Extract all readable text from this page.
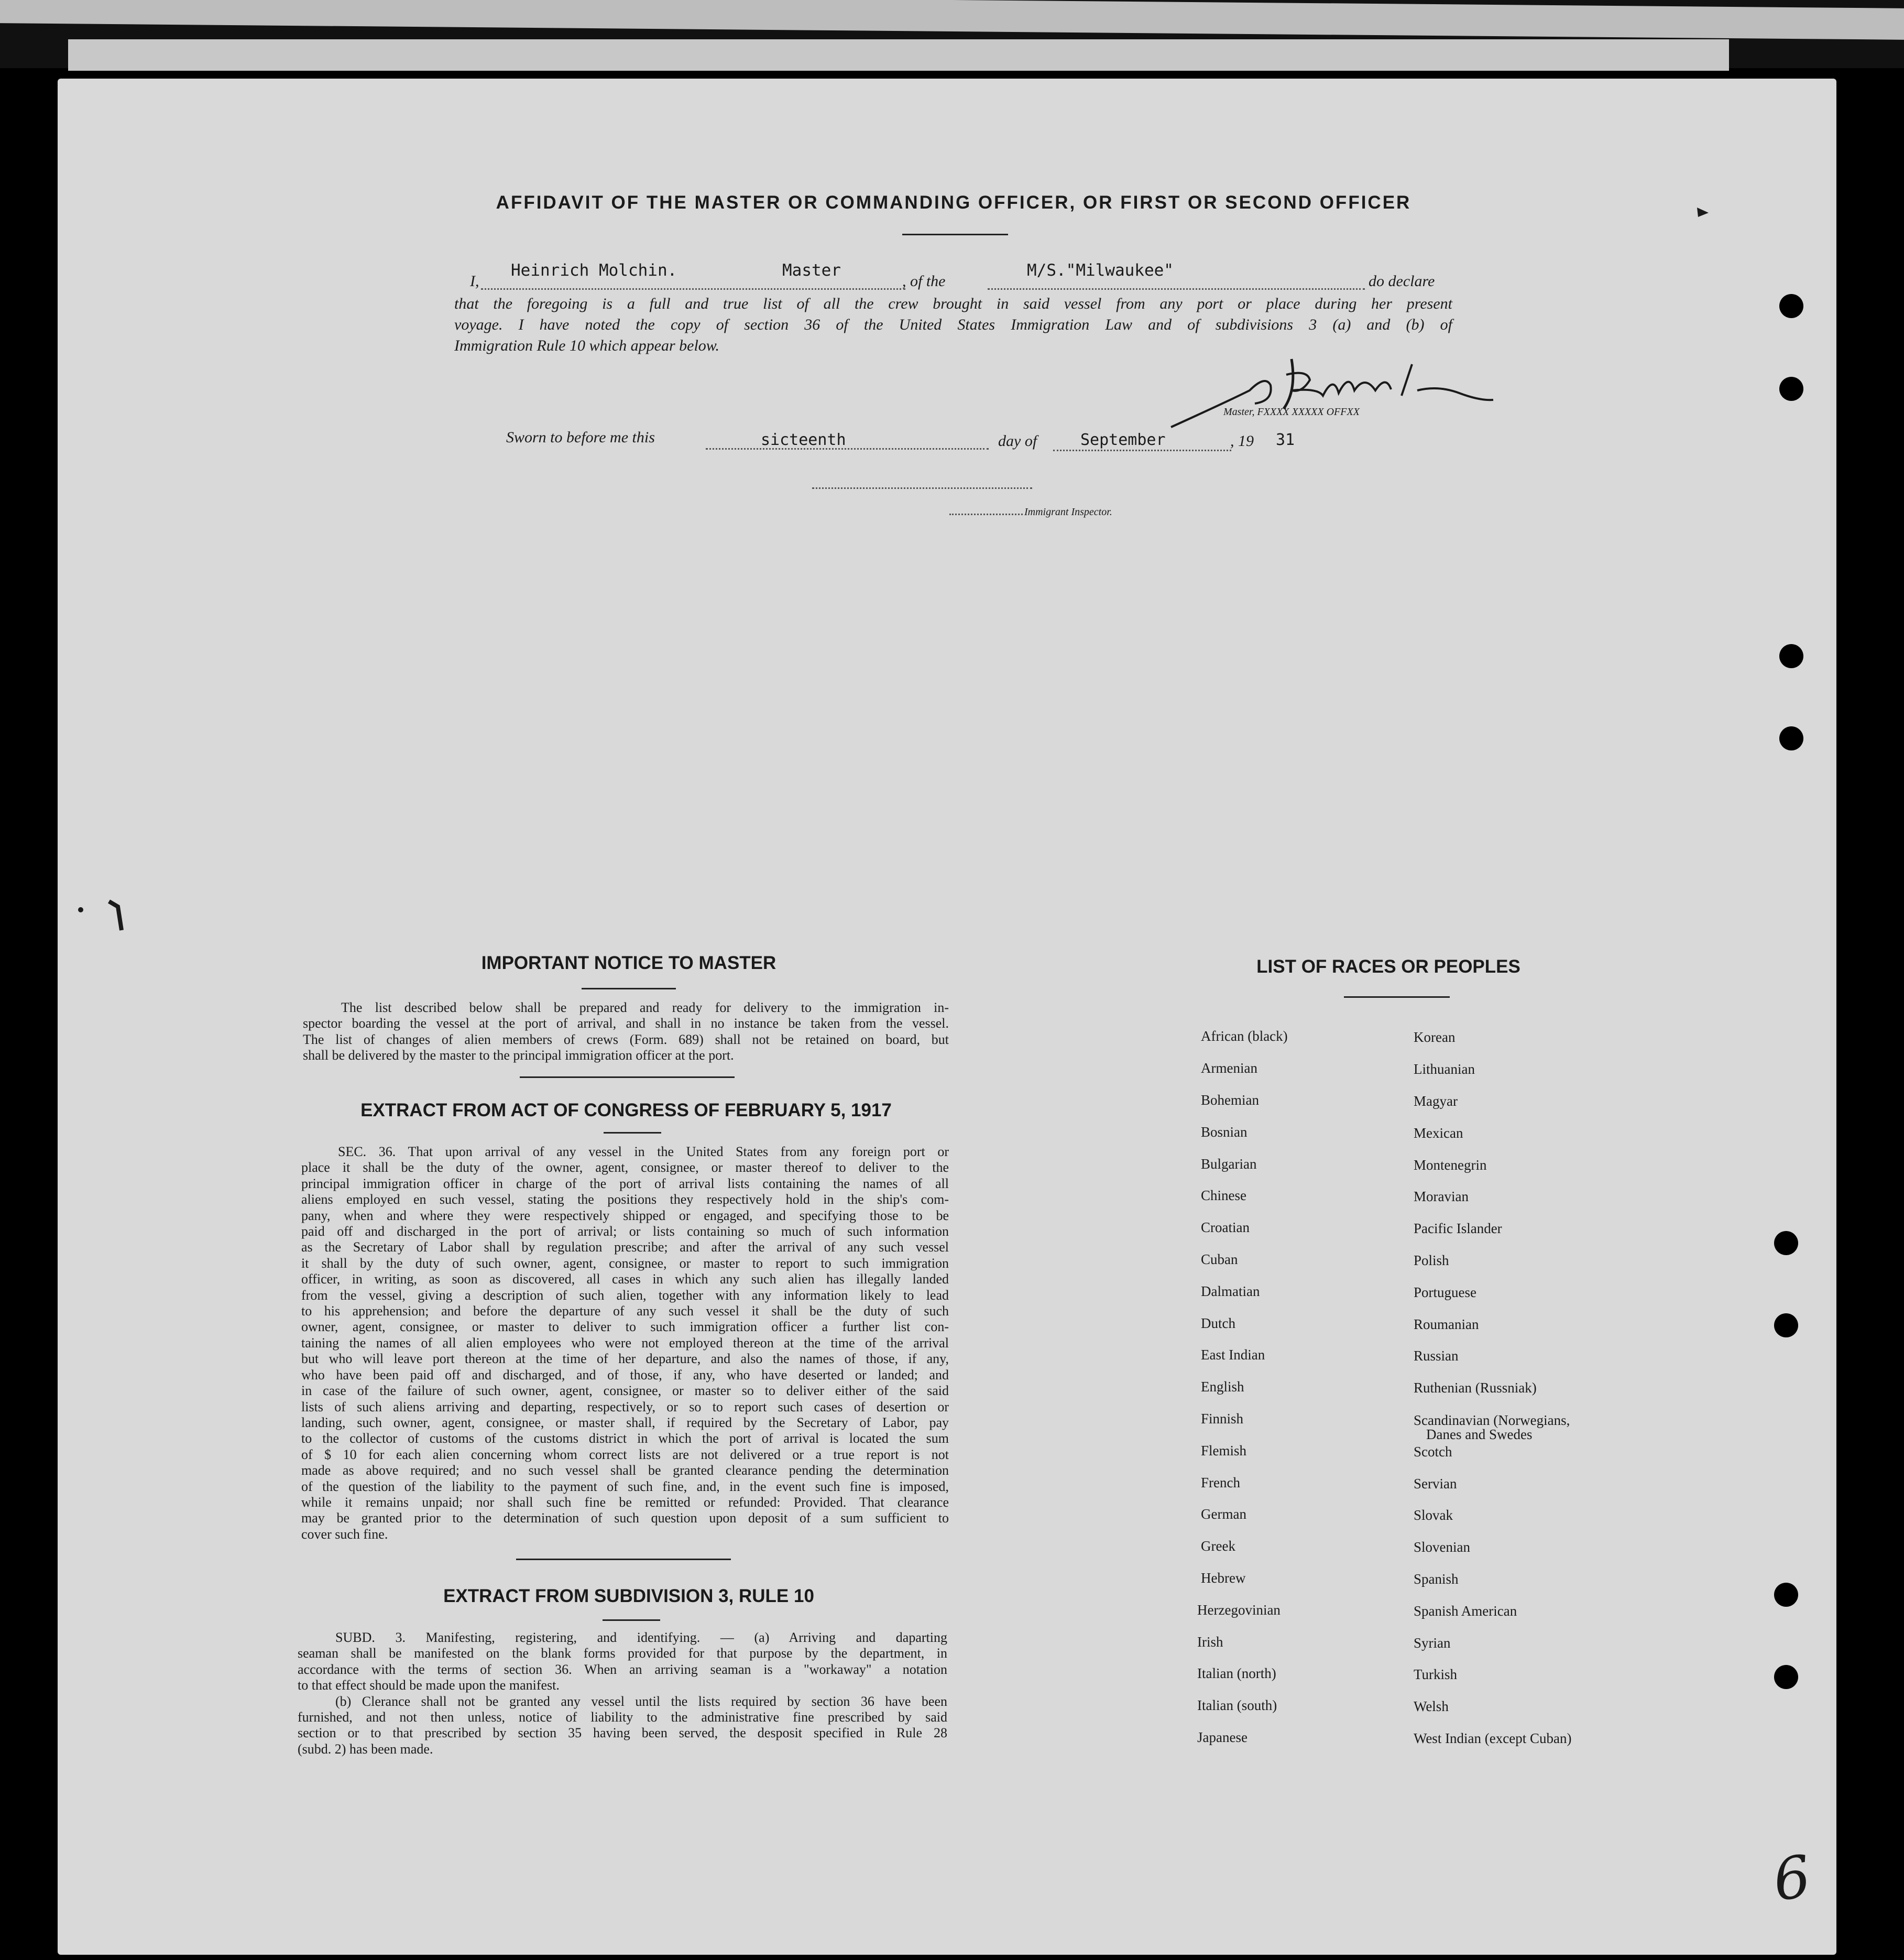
AFFIDAVIT OF THE MASTER OR COMMANDING OFFICER, OR FIRST OR SECOND OFFICER
I,
Heinrich Molchin.	Master
, of the
M/S."Milwaukee"
do declare
that the foregoing is a full and true list of all the crew brought in said vessel from any port or place during her present
voyage. I have noted the copy of section 36 of the United States Immigration Law and of subdivisions 3 (a) and (b) of
Immigration Rule 10 which appear below.
Master, FXXXX XXXXX OFFXX
Sworn to before me this	sicteenth	day of	September	, 19 31
Immigrant Inspector.
IMPORTANT NOTICE TO MASTER
The list described below shall be prepared and ready for delivery to the immigration in-
spector boarding the vessel at the port of arrival, and shall in no instance be taken from the vessel.
The list of changes of alien members of crews (Form. 689) shall not be retained on board, but
shall be delivered by the master to the principal immigration officer at the port.
EXTRACT FROM ACT OF CONGRESS OF FEBRUARY 5, 1917
SEC. 36. That upon arrival of any vessel in the United States from any foreign port or
place it shall be the duty of the owner, agent, consignee, or master thereof to deliver to the
principal immigration officer in charge of the port of arrival lists containing the names of all
aliens employed en such vessel, stating the positions they respectively hold in the ship's com-
pany, when and where they were respectively shipped or engaged, and specifying those to be
paid off and discharged in the port of arrival; or lists containing so much of such information
as the Secretary of Labor shall by regulation prescribe; and after the arrival of any such vessel
it shall by the duty of such owner, agent, consignee, or master to report to such immigration
officer, in writing, as soon as discovered, all cases in which any such alien has illegally landed
from the vessel, giving a description of such alien, together with any information likely to lead
to his apprehension; and before the departure of any such vessel it shall be the duty of such
owner, agent, consignee, or master to deliver to such immigration officer a further list con-
taining the names of all alien employees who were not employed thereon at the time of the arrival
but who will leave port thereon at the time of her departure, and also the names of those, if any,
who have been paid off and discharged, and of those, if any, who have deserted or landed; and
in case of the failure of such owner, agent, consignee, or master so to deliver either of the said
lists of such aliens arriving and departing, respectively, or so to report such cases of desertion or
landing, such owner, agent, consignee, or master shall, if required by the Secretary of Labor, pay
to the collector of customs of the customs district in which the port of arrival is located the sum
of $ 10 for each alien concerning whom correct lists are not delivered or a true report is not
made as above required; and no such vessel shall be granted clearance pending the determination
of the question of the liability to the payment of such fine, and, in the event such fine is imposed,
while it remains unpaid; nor shall such fine be remitted or refunded: Provided. That clearance
may be granted prior to the determination of such question upon deposit of a sum sufficient to
cover such fine.
EXTRACT FROM SUBDIVISION 3, RULE 10
SUBD. 3. Manifesting, registering, and identifying. — (a) Arriving and daparting
seaman shall be manifested on the blank forms provided for that purpose by the department, in
accordance with the terms of section 36. When an arriving seaman is a "workaway" a notation
to that effect should be made upon the manifest.
(b) Clerance shall not be granted any vessel until the lists required by section 36 have been
furnished, and not then unless, notice of liability to the administrative fine prescribed by said
section or to that prescribed by section 35 having been served, the desposit specified in Rule 28
(subd. 2) has been made.
LIST OF RACES OR PEOPLES
African (black)
Armenian
Bohemian
Bosnian
Bulgarian
Chinese
Croatian
Cuban
Dalmatian
Dutch
East Indian
English
Finnish
Flemish
French
German
Greek
Hebrew
Herzegovinian
Irish
Italian (north)
Italian (south)
Japanese
Korean
Lithuanian
Magyar
Mexican
Montenegrin
Moravian
Pacific Islander
Polish
Portuguese
Roumanian
Russian
Ruthenian (Russniak)
Scandinavian (Norwegians,
Danes and Swedes
Scotch
Servian
Slovak
Slovenian
Spanish
Spanish American
Syrian
Turkish
Welsh
West Indian (except Cuban)
6
